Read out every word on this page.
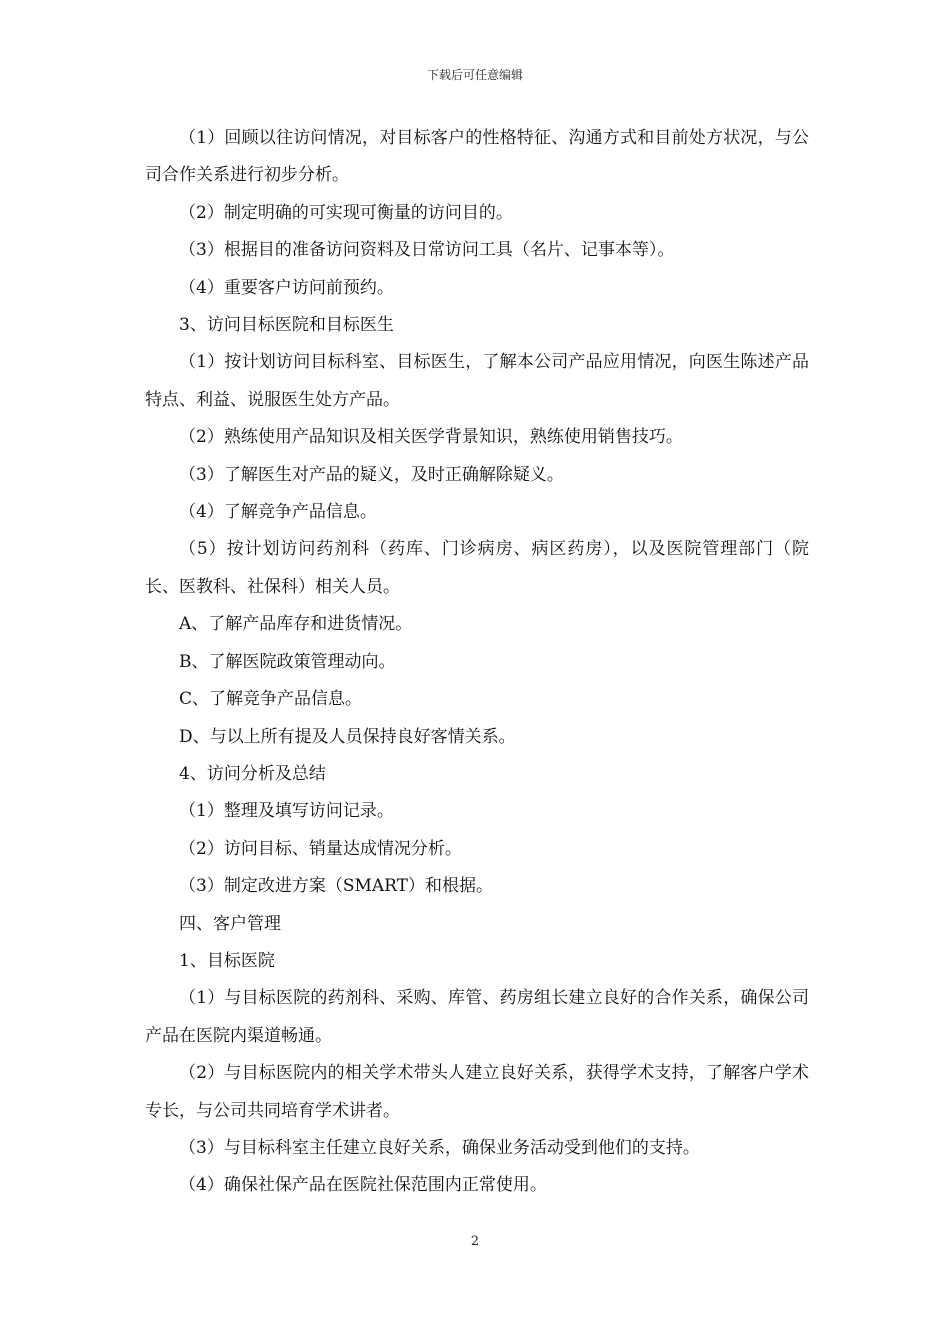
下载后可任意编辑

（1）回顾以往访问情况，对目标客户的性格特征、沟通方式和目前处方状况，与公司合作关系进行初步分析。

（2）制定明确的可实现可衡量的访问目的。

（3）根据目的准备访问资料及日常访问工具（名片、记事本等）。

（4）重要客户访问前预约。

3、访问目标医院和目标医生

（1）按计划访问目标科室、目标医生，了解本公司产品应用情况，向医生陈述产品特点、利益、说服医生处方产品。

（2）熟练使用产品知识及相关医学背景知识，熟练使用销售技巧。

（3）了解医生对产品的疑义，及时正确解除疑义。

（4）了解竞争产品信息。

（5）按计划访问药剂科（药库、门诊病房、病区药房），以及医院管理部门（院长、医教科、社保科）相关人员。

A、了解产品库存和进货情况。

B、了解医院政策管理动向。

C、了解竞争产品信息。

D、与以上所有提及人员保持良好客情关系。

4、访问分析及总结

（1）整理及填写访问记录。

（2）访问目标、销量达成情况分析。

（3）制定改进方案（SMART）和根据。

四、客户管理

1、目标医院

（1）与目标医院的药剂科、采购、库管、药房组长建立良好的合作关系，确保公司产品在医院内渠道畅通。

（2）与目标医院内的相关学术带头人建立良好关系，获得学术支持，了解客户学术专长，与公司共同培育学术讲者。

（3）与目标科室主任建立良好关系，确保业务活动受到他们的支持。

（4）确保社保产品在医院社保范围内正常使用。

2
